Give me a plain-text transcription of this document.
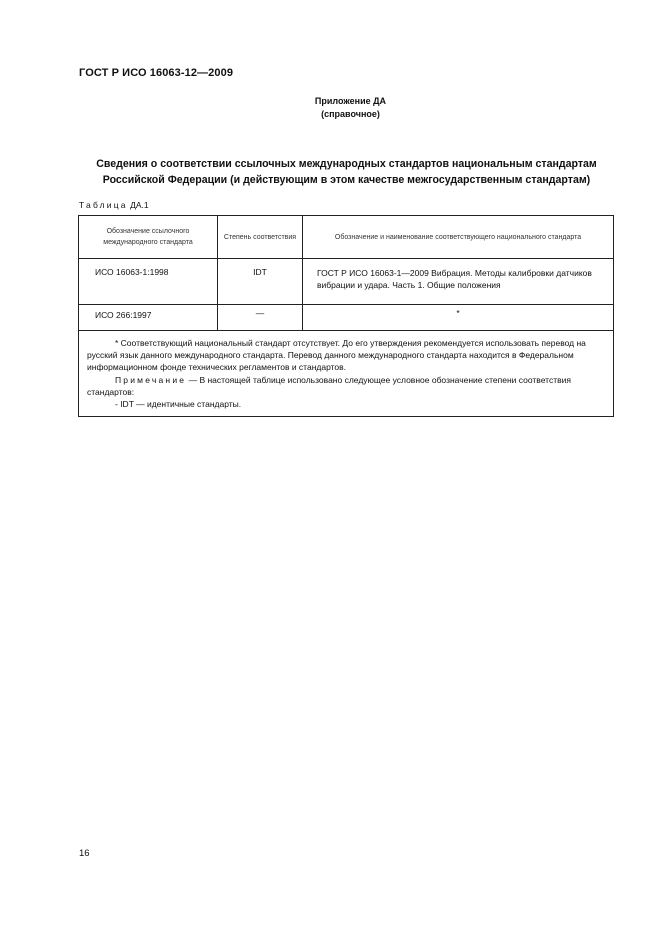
ГОСТ Р ИСО 16063-12—2009
Приложение ДА
(справочное)
Сведения о соответствии ссылочных международных стандартов национальным стандартам
Российской Федерации (и действующим в этом качестве межгосударственным стандартам)
Таблица ДА.1
Обозначение ссылочного международного стандарта	Степень соответствия	Обозначение и наименование соответствующего национального стандарта
ИСО 16063-1:1998	IDT	ГОСТ Р ИСО 16063-1—2009 Вибрация. Методы калибровки датчиков вибрации и удара. Часть 1. Общие положения
ИСО 266:1997	—	*

* Соответствующий национальный стандарт отсутствует. До его утверждения рекомендуется использовать перевод на русский язык данного международного стандарта. Перевод данного международного стандарта находится в Федеральном информационном фонде технических регламентов и стандартов.

Примечание — В настоящей таблице использовано следующее условное обозначение степени соответствия стандартов:

- IDT — идентичные стандарты.		

16
